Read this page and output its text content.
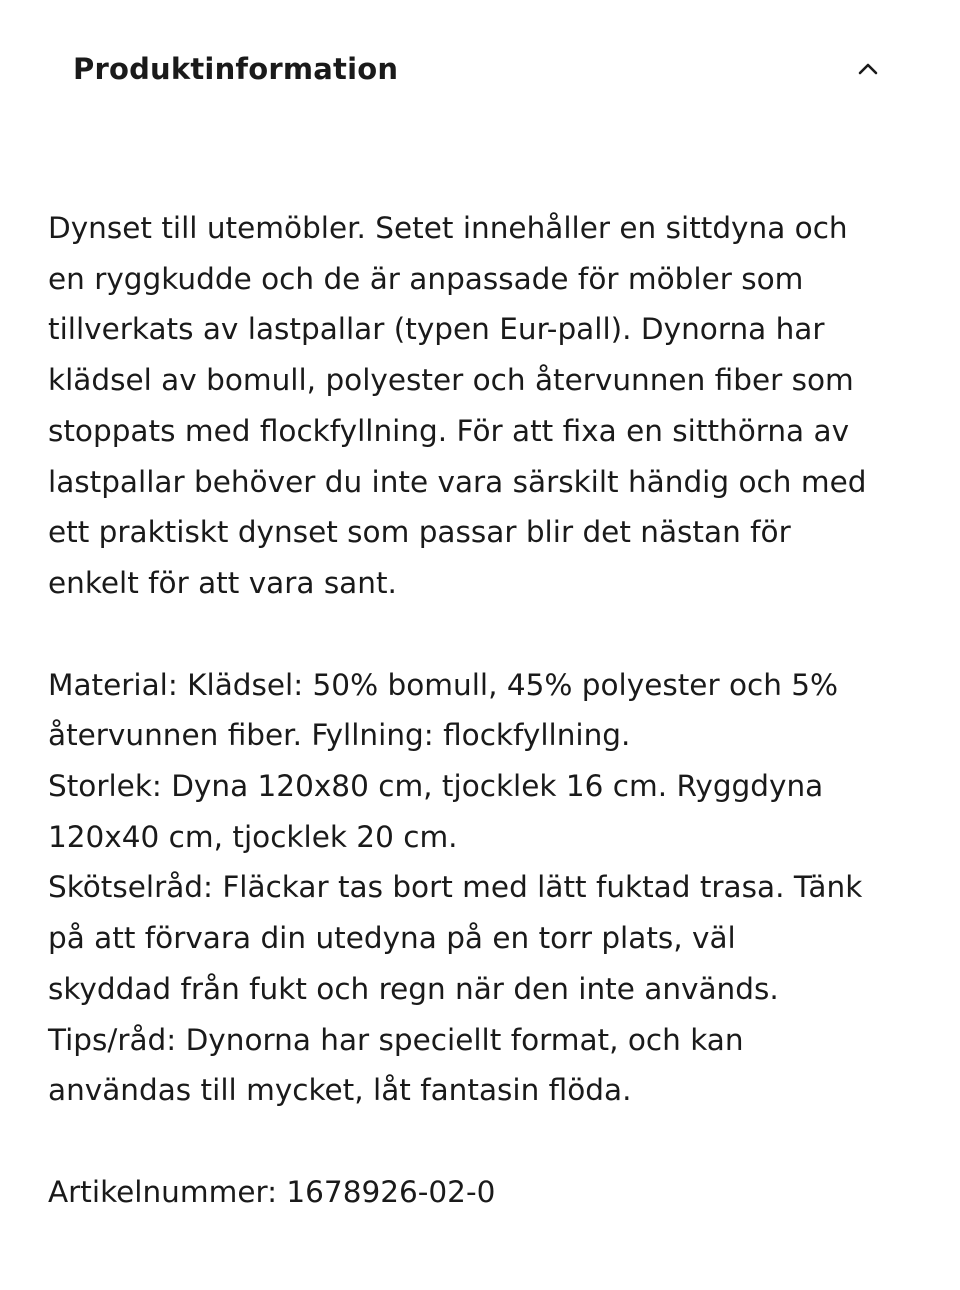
Produktinformation

Dynset till utemöbler. Setet innehåller en sittdyna och
en ryggkudde och de är anpassade för möbler som
tillverkats av lastpallar (typen Eur-pall). Dynorna har
klädsel av bomull, polyester och återvunnen fiber som
stoppats med flockfyllning. För att fixa en sitthörna av
lastpallar behöver du inte vara särskilt händig och med
ett praktiskt dynset som passar blir det nästan för
enkelt för att vara sant.

Material: Klädsel: 50% bomull, 45% polyester och 5%
återvunnen fiber. Fyllning: flockfyllning.
Storlek: Dyna 120x80 cm, tjocklek 16 cm. Ryggdyna
120x40 cm, tjocklek 20 cm.
Skötselråd: Fläckar tas bort med lätt fuktad trasa. Tänk
på att förvara din utedyna på en torr plats, väl
skyddad från fukt och regn när den inte används.
Tips/råd: Dynorna har speciellt format, och kan
användas till mycket, låt fantasin flöda.

Artikelnummer: 1678926-02-0
